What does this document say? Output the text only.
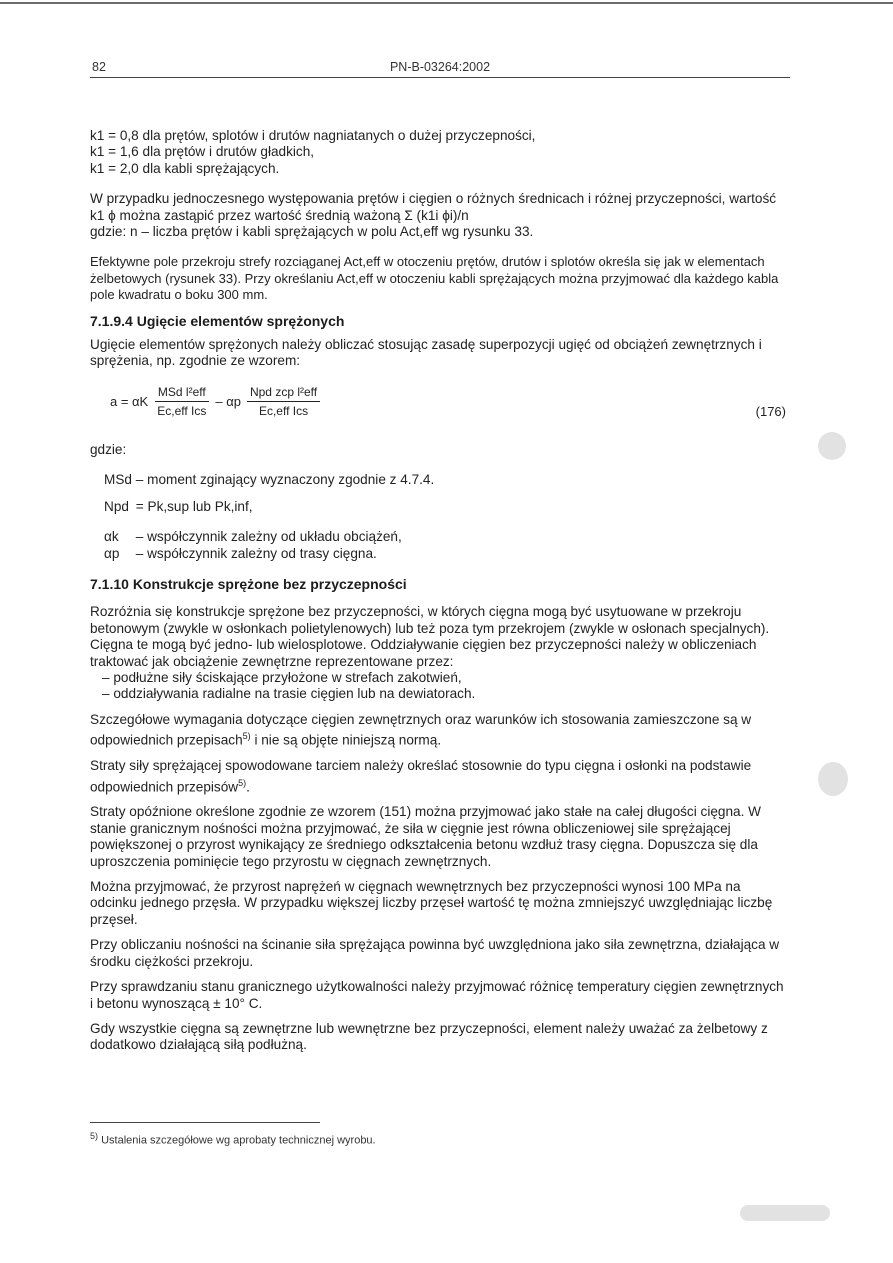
82	PN-B-03264:2002

k1 = 0,8 dla prętów, splotów i drutów nagniatanych o dużej przyczepności,

k1 = 1,6 dla prętów i drutów gładkich,

k1 = 2,0 dla kabli sprężających.

W przypadku jednoczesnego występowania prętów i cięgien o różnych średnicach i różnej przyczepności, wartość k1 ϕ można zastąpić przez wartość średnią ważoną Σ (k1i ϕi)/n

gdzie: n – liczba prętów i kabli sprężających w polu Act,eff wg rysunku 33.

Efektywne pole przekroju strefy rozciąganej Act,eff w otoczeniu prętów, drutów i splotów określa się jak w elementach żelbetowych (rysunek 33). Przy określaniu Act,eff w otoczeniu kabli sprężających można przyjmować dla każdego kabla pole kwadratu o boku 300 mm.

7.1.9.4 Ugięcie elementów sprężonych

Ugięcie elementów sprężonych należy obliczać stosując zasadę superpozycji ugięć od obciążeń zewnętrznych i sprężenia, np. zgodnie ze wzorem:

a = αK $\frac{\text{MSd l²eff}}{\text{Ec,eff Ics}}$ – αp $\frac{\text{Npd zcp l²eff}}{\text{Ec,eff Ics}}$	(176)

gdzie:

MSd – moment zginający wyznaczony zgodnie z 4.7.4.
Npd = Pk,sup lub Pk,inf,
αk – współczynnik zależny od układu obciążeń,
αp – współczynnik zależny od trasy cięgna.
7.1.10 Konstrukcje sprężone bez przyczepności

Rozróżnia się konstrukcje sprężone bez przyczepności, w których cięgna mogą być usytuowane w przekroju betonowym (zwykle w osłonkach polietylenowych) lub też poza tym przekrojem (zwykle w osłonach specjalnych). Cięgna te mogą być jedno- lub wielosplotowe. Oddziaływanie cięgien bez przyczepności należy w obliczeniach traktować jak obciążenie zewnętrzne reprezentowane przez:

– podłużne siły ściskające przyłożone w strefach zakotwień,
– oddziaływania radialne na trasie cięgien lub na dewiatorach.

Szczegółowe wymagania dotyczące cięgien zewnętrznych oraz warunków ich stosowania zamieszczone są w odpowiednich przepisach$^{5)}$ i nie są objęte niniejszą normą.

Straty siły sprężającej spowodowane tarciem należy określać stosownie do typu cięgna i osłonki na podstawie odpowiednich przepisów$^{5)}$.

Straty opóźnione określone zgodnie ze wzorem (151) można przyjmować jako stałe na całej długości cięgna. W stanie granicznym nośności można przyjmować, że siła w cięgnie jest równa obliczeniowej sile sprężającej powiększonej o przyrost wynikający ze średniego odkształcenia betonu wzdłuż trasy cięgna. Dopuszcza się dla uproszczenia pominięcie tego przyrostu w cięgnach zewnętrznych.

Można przyjmować, że przyrost naprężeń w cięgnach wewnętrznych bez przyczepności wynosi 100 MPa na odcinku jednego przęsła. W przypadku większej liczby przęseł wartość tę można zmniejszyć uwzględniając liczbę przęseł.

Przy obliczaniu nośności na ścinanie siła sprężająca powinna być uwzględniona jako siła zewnętrzna, działająca w środku ciężkości przekroju.

Przy sprawdzaniu stanu granicznego użytkowalności należy przyjmować różnicę temperatury cięgien zewnętrznych i betonu wynoszącą ± 10° C.

Gdy wszystkie cięgna są zewnętrzne lub wewnętrzne bez przyczepności, element należy uważać za żelbetowy z dodatkowo działającą siłą podłużną.

$^{5)}$ Ustalenia szczegółowe wg aprobaty technicznej wyrobu.
